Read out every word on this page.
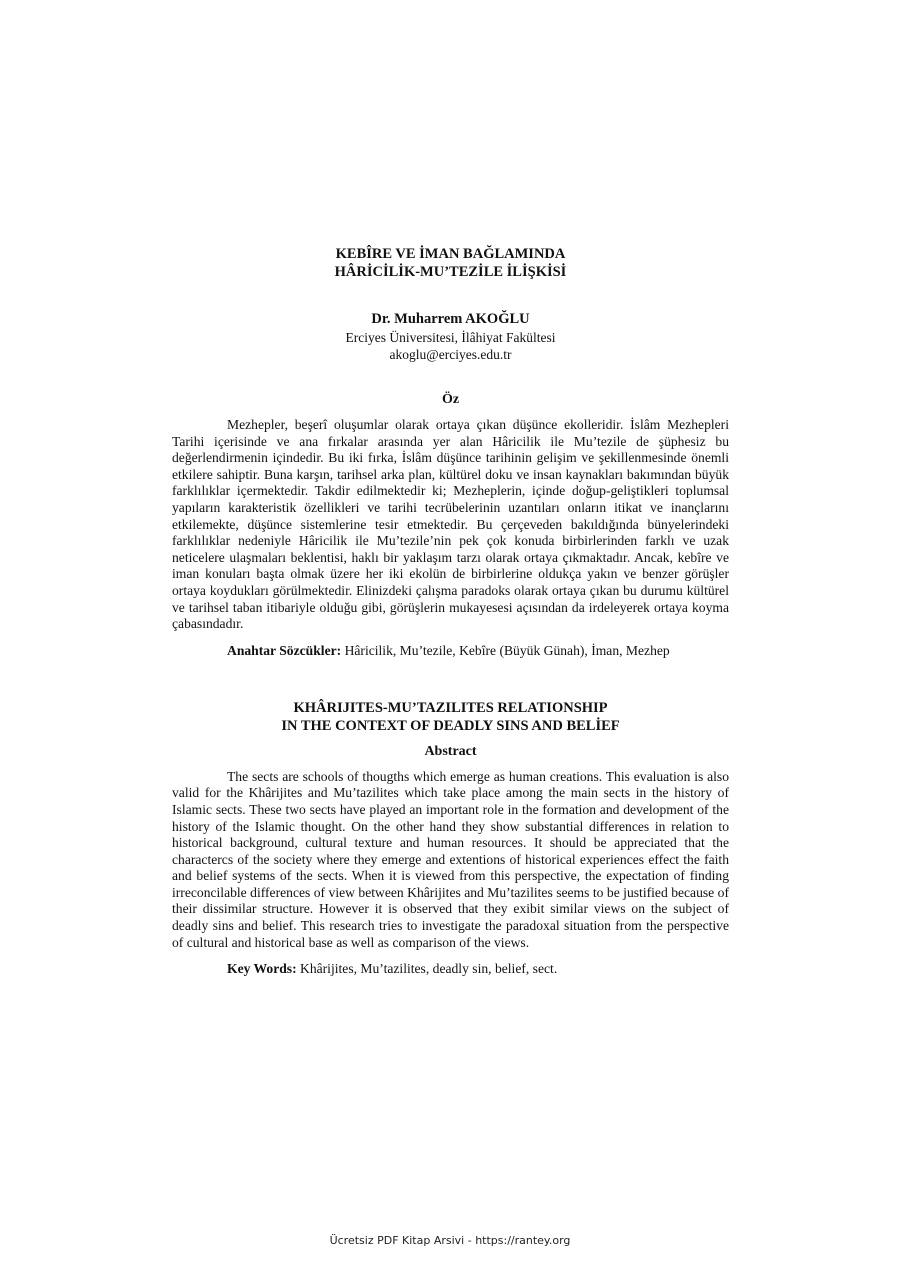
KEBÎRE VE İMAN BAĞLAMINDA
HÂRİCİLİK-MU’TEZİLE İLİŞKİSİ
Dr. Muharrem AKOĞLU
Erciyes Üniversitesi, İlâhiyat Fakültesi
akoglu@erciyes.edu.tr
Öz

Mezhepler, beşerî oluşumlar olarak ortaya çıkan düşünce ekolleridir. İslâm Mezhepleri Tarihi içerisinde ve ana fırkalar arasında yer alan Hâricilik ile Mu’tezile de şüphesiz bu değerlendirmenin içindedir. Bu iki fırka, İslâm düşünce tarihinin gelişim ve şekillenmesinde önemli etkilere sahiptir. Buna karşın, tarihsel arka plan, kültürel doku ve insan kaynakları bakımından büyük farklılıklar içermektedir. Takdir edilmektedir ki; Mezheplerin, içinde doğup-geliştikleri toplumsal yapıların karakteristik özellikleri ve tarihi tecrübelerinin uzantıları onların itikat ve inançlarını etkilemekte, düşünce sistemlerine tesir etmektedir. Bu çerçeveden bakıldığında bünyelerindeki farklılıklar nedeniyle Hâricilik ile Mu’tezile’nin pek çok konuda birbirlerinden farklı ve uzak neticelere ulaşmaları beklentisi, haklı bir yaklaşım tarzı olarak ortaya çıkmaktadır. Ancak, kebîre ve iman konuları başta olmak üzere her iki ekolün de birbirlerine oldukça yakın ve benzer görüşler ortaya koydukları görülmektedir. Elinizdeki çalışma paradoks olarak ortaya çıkan bu durumu kültürel ve tarihsel taban itibariyle olduğu gibi, görüşlerin mukayesesi açısından da irdeleyerek ortaya koyma çabasındadır.

Anahtar Sözcükler: Hâricilik, Mu’tezile, Kebîre (Büyük Günah), İman, Mezhep
KHÂRIJITES-MU’TAZILITES RELATIONSHIP
IN THE CONTEXT OF DEADLY SINS AND BELİEF
Abstract

The sects are schools of thougths which emerge as human creations. This evaluation is also valid for the Khârijites and Mu’tazilites which take place among the main sects in the history of Islamic sects. These two sects have played an important role in the formation and development of the history of the Islamic thought. On the other hand they show substantial differences in relation to historical background, cultural texture and human resources. It should be appreciated that the charactercs of the society where they emerge and extentions of historical experiences effect the faith and belief systems of the sects. When it is viewed from this perspective, the expectation of finding irreconcilable differences of view between Khârijites and Mu’tazilites seems to be justified because of their dissimilar structure. However it is observed that they exibit similar views on the subject of deadly sins and belief. This research tries to investigate the paradoxal situation from the perspective of cultural and historical base as well as comparison of the views.

Key Words: Khârijites, Mu’tazilites, deadly sin, belief, sect.
Ücretsiz PDF Kitap Arsivi - https://rantey.org
